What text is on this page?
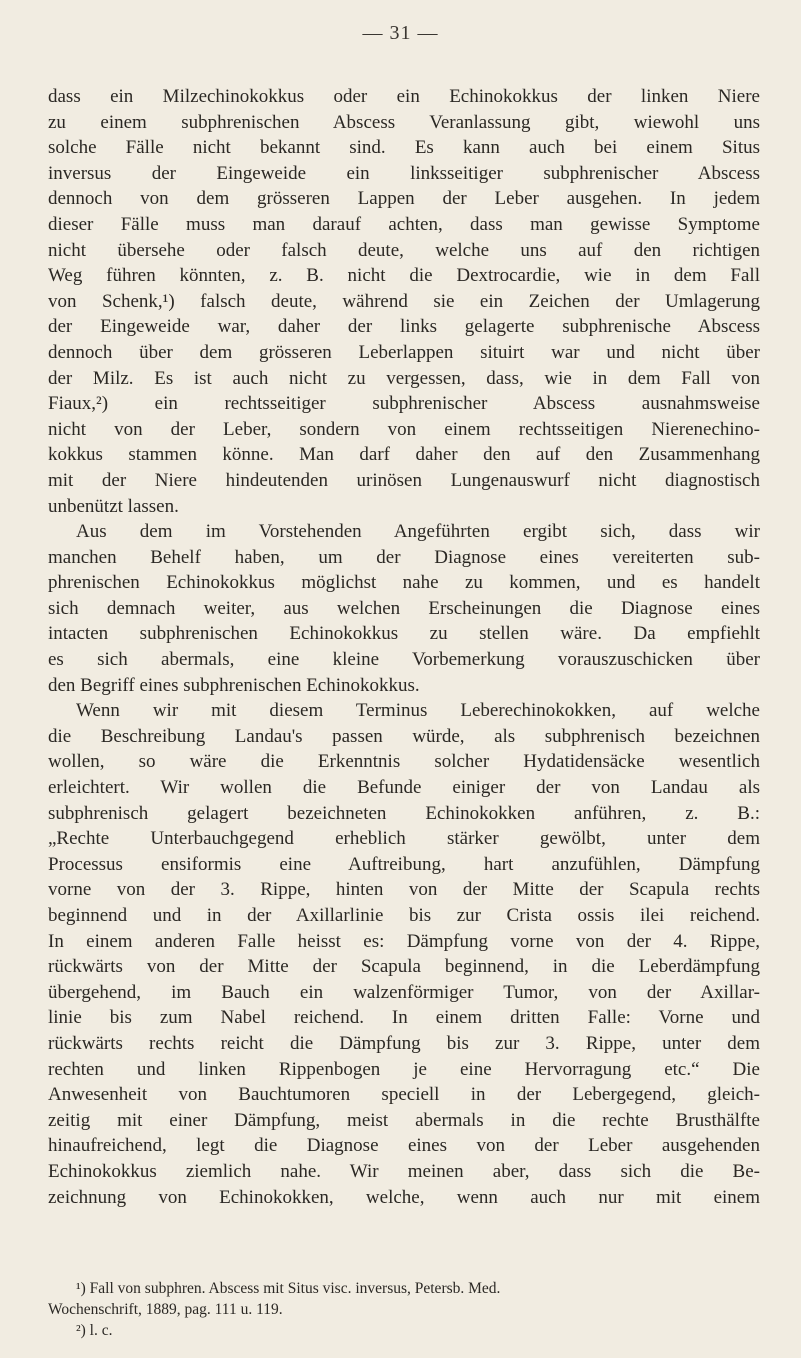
— 31 —
dass ein Milzechinokokkus oder ein Echinokokkus der linken Niere
zu einem subphrenischen Abscess Veranlassung gibt, wiewohl uns
solche Fälle nicht bekannt sind. Es kann auch bei einem Situs
inversus der Eingeweide ein linksseitiger subphrenischer Abscess
dennoch von dem grösseren Lappen der Leber ausgehen. In jedem
dieser Fälle muss man darauf achten, dass man gewisse Symptome
nicht übersehe oder falsch deute, welche uns auf den richtigen
Weg führen könnten, z. B. nicht die Dextrocardie, wie in dem Fall
von Schenk,¹) falsch deute, während sie ein Zeichen der Umlagerung
der Eingeweide war, daher der links gelagerte subphrenische Abscess
dennoch über dem grösseren Leberlappen situirt war und nicht über
der Milz. Es ist auch nicht zu vergessen, dass, wie in dem Fall von
Fiaux,²) ein rechtsseitiger subphrenischer Abscess ausnahmsweise
nicht von der Leber, sondern von einem rechtsseitigen Nierenechino-
kokkus stammen könne. Man darf daher den auf den Zusammenhang
mit der Niere hindeutenden urinösen Lungenauswurf nicht diagnostisch
unbenützt lassen.
Aus dem im Vorstehenden Angeführten ergibt sich, dass wir
manchen Behelf haben, um der Diagnose eines vereiterten sub-
phrenischen Echinokokkus möglichst nahe zu kommen, und es handelt
sich demnach weiter, aus welchen Erscheinungen die Diagnose eines
intacten subphrenischen Echinokokkus zu stellen wäre. Da empfiehlt
es sich abermals, eine kleine Vorbemerkung vorauszuschicken über
den Begriff eines subphrenischen Echinokokkus.
Wenn wir mit diesem Terminus Leberechinokokken, auf welche
die Beschreibung Landau's passen würde, als subphrenisch bezeichnen
wollen, so wäre die Erkenntnis solcher Hydatidensäcke wesentlich
erleichtert. Wir wollen die Befunde einiger der von Landau als
subphrenisch gelagert bezeichneten Echinokokken anführen, z. B.:
„Rechte Unterbauchgegend erheblich stärker gewölbt, unter dem
Processus ensiformis eine Auftreibung, hart anzufühlen, Dämpfung
vorne von der 3. Rippe, hinten von der Mitte der Scapula rechts
beginnend und in der Axillarlinie bis zur Crista ossis ilei reichend.
In einem anderen Falle heisst es: Dämpfung vorne von der 4. Rippe,
rückwärts von der Mitte der Scapula beginnend, in die Leberdämpfung
übergehend, im Bauch ein walzenförmiger Tumor, von der Axillar-
linie bis zum Nabel reichend. In einem dritten Falle: Vorne und
rückwärts rechts reicht die Dämpfung bis zur 3. Rippe, unter dem
rechten und linken Rippenbogen je eine Hervorragung etc.“ Die
Anwesenheit von Bauchtumoren speciell in der Lebergegend, gleich-
zeitig mit einer Dämpfung, meist abermals in die rechte Brusthälfte
hinaufreichend, legt die Diagnose eines von der Leber ausgehenden
Echinokokkus ziemlich nahe. Wir meinen aber, dass sich die Be-
zeichnung von Echinokokken, welche, wenn auch nur mit einem
¹) Fall von subphren. Abscess mit Situs visc. inversus, Petersb. Med.
Wochenschrift, 1889, pag. 111 u. 119.
²) l. c.
